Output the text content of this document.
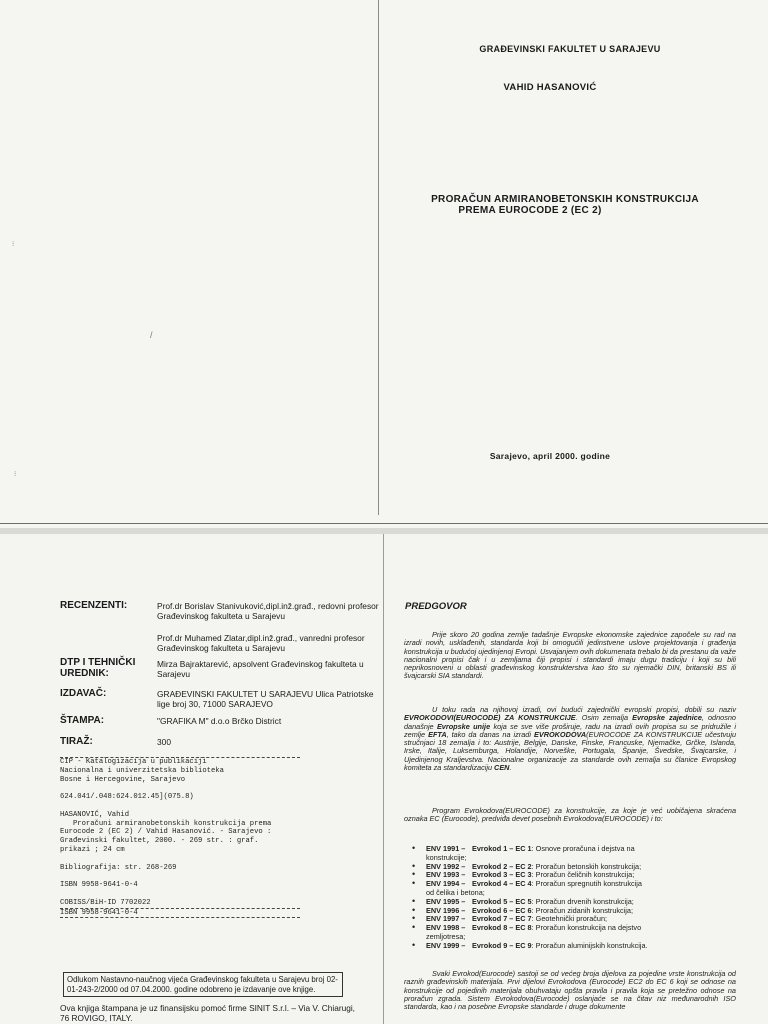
GRAĐEVINSKI FAKULTET U SARAJEVU
VAHID HASANOVIĆ
PRORAČUN ARMIRANOBETONSKIH KONSTRUKCIJA
PREMA EUROCODE 2 (EC 2)
Sarajevo, april 2000. godine
/
⁝
⁝
RECENZENTI:	Prof.dr Borislav Stanivuković,dipl.inž.građ., redovni profesor Građevinskog fakulteta u Sarajevu
Prof.dr Muhamed Zlatar,dipl.inž.građ., vanredni profesor Građevinskog fakulteta u Sarajevu
DTP I TEHNIČKI UREDNIK:
Mirza Bajraktarević, apsolvent Građevinskog fakulteta u Sarajevu
IZDAVAČ:	GRAĐEVINSKI FAKULTET U SARAJEVU Ulica Patriotske lige broj 30, 71000 SARAJEVO
ŠTAMPA:	"GRAFIKA M" d.o.o Brčko District
TIRAŽ:	300
CIP - Katalogizacija u publikaciji
Nacionalna i univerzitetska biblioteka
Bosne i Hercegovine, Sarajevo
624.041/.048:624.012.45](075.8)
HASANOVIĆ, Vahid
Proračuni armiranobetonskih konstrukcija prema
Eurocode 2 (EC 2) / Vahid Hasanović. - Sarajevo :
Građevinski fakultet, 2000. - 269 str. : graf.
prikazi ; 24 cm
Bibliografija: str. 268-269
ISBN 9958-9641-0-4
COBISS/BiH-ID 7702022
ISBN 9958-9641-0-4
Odlukom Nastavno-naučnog vijeća Građevinskog fakulteta u Sarajevu broj 02-01-243-2/2000 od 07.04.2000. godine odobreno je izdavanje ove knjige.
Ova knjiga štampana je uz finansijsku pomoć firme SINIT S.r.l. – Via V. Chiarugi, 76 ROVIGO, ITALY.
PREDGOVOR
Prije skoro 20 godina zemlje tadašnje Evropske ekonomske zajednice započele su rad na izradi novih, usklađenih, standarda koji bi omogućili jedinstvene uslove projektovanja i građenja konstrukcija u budućoj ujedinjenoj Evropi. Usvajanjem ovih dokumenata trebalo bi da prestanu da važe nacionalni propisi čak i u zemljama čiji propisi i standardi imaju dugu tradiciju i koji su bili neprikosnoveni u oblasti građevinskog konstrukterstva kao što su njemački DIN, britanski BS ili švajcarski SIA standardi.
U toku rada na njihovoj izradi, ovi budući zajednički evropski propisi, dobili su naziv EVROKODOVI(EUROCODE) ZA KONSTRUKCIJE. Osim zemalja Evropske zajednice, odnosno današnje Evropske unije koja se sve više proširuje, radu na izradi ovih propisa su se pridružile i zemlje EFTA, tako da danas na izradi EVROKODOVA(EUROCODE ZA KONSTRUKCIJE učestvuju stručnjaci 18 zemalja i to: Austrije, Belgije, Danske, Finske, Francuske, Njemačke, Grčke, Islanda, Irske, Italije, Luksemburga, Holandije, Norveške, Portugala, Španije, Švedske, Švajcarske, i Ujedinjenog Kraljevstva. Nacionalne organizacije za standarde ovih zemalja su članice Evropskog komiteta za standardizaciju CEN.
Program Evrokodova(EUROCODE) za konstrukcije, za koje je već uobičajena skraćena oznaka EC (Eurocode), predviđa devet posebnih Evrokodova(EUROCODE) i to:
• ENV 1991 – Evrokod 1 – EC 1: Osnove proračuna i dejstva na
konstrukcije;
• ENV 1992 – Evrokod 2 – EC 2: Proračun betonskih konstrukcija;
• ENV 1993 – Evrokod 3 – EC 3: Proračun čeličnih konstrukcija;
• ENV 1994 – Evrokod 4 – EC 4: Proračun spregnutih konstrukcija
od čelika i betona;
• ENV 1995 – Evrokod 5 – EC 5: Proračun drvenih konstrukcija;
• ENV 1996 – Evrokod 6 – EC 6: Proračun zidanih konstrukcija;
• ENV 1997 – Evrokod 7 – EC 7: Geotehnički proračun;
• ENV 1998 – Evrokod 8 – EC 8: Proračun konstrukcija na dejstvo
zemljotresa;
• ENV 1999 – Evrokod 9 – EC 9: Proračun aluminijskih konstrukcija.
Svaki Evrokod(Eurocode) sastoji se od većeg broja dijelova za pojedine vrste konstrukcija od raznih građevinskih materijala. Prvi dijelovi Evrokodova (Eurocode) EC2 do EC 6 koji se odnose na konstrukcije od pojedinih materijala obuhvataju opšta pravila i pravila koja se pretežno odnose na proračun zgrada. Sistem Evrokodova(Eurocode) oslanjaće se na čitav niz međunarodnih ISO standarda, kao i na posebne Evropske standarde i druge dokumente
